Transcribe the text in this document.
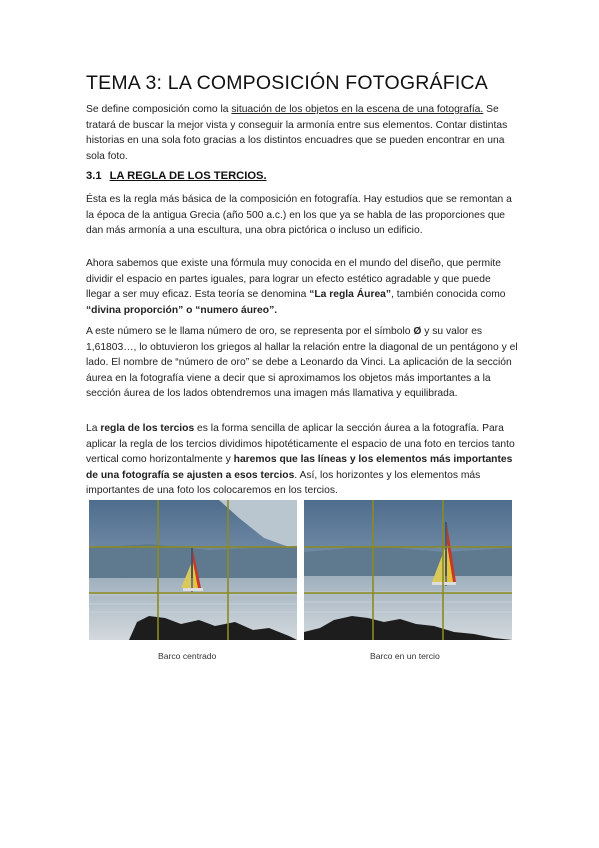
TEMA 3: LA COMPOSICIÓN FOTOGRÁFICA

Se define composición como la situación de los objetos en la escena de una fotografía. Se tratará de buscar la mejor vista y conseguir la armonía entre sus elementos. Contar distintas historias en una sola foto gracias a los distintos encuadres que se pueden encontrar en una sola foto.

3.1 LA REGLA DE LOS TERCIOS.

Ésta es la regla más básica de la composición en fotografía. Hay estudios que se remontan a la época de la antigua Grecia (año 500 a.c.) en los que ya se habla de las proporciones que dan más armonía a una escultura, una obra pictórica o incluso un edificio.

Ahora sabemos que existe una fórmula muy conocida en el mundo del diseño, que permite dividir el espacio en partes iguales, para lograr un efecto estético agradable y que puede llegar a ser muy eficaz. Esta teoría se denomina “La regla Áurea”, también conocida como “divina proporción” o “numero áureo”.

A este número se le llama número de oro, se representa por el símbolo Ø y su valor es 1,61803…, lo obtuvieron los griegos al hallar la relación entre la diagonal de un pentágono y el lado. El nombre de “número de oro” se debe a Leonardo da Vinci. La aplicación de la sección áurea en la fotografía viene a decir que si aproximamos los objetos más importantes a la sección áurea de los lados obtendremos una imagen más llamativa y equilibrada.

La regla de los tercios es la forma sencilla de aplicar la sección áurea a la fotografía. Para aplicar la regla de los tercios dividimos hipotéticamente el espacio de una foto en tercios tanto vertical como horizontalmente y haremos que las líneas y los elementos más importantes de una fotografía se ajusten a esos tercios. Así, los horizontes y los elementos más importantes de una foto los colocaremos en los tercios.

Barco centrado	Barco en un tercio
